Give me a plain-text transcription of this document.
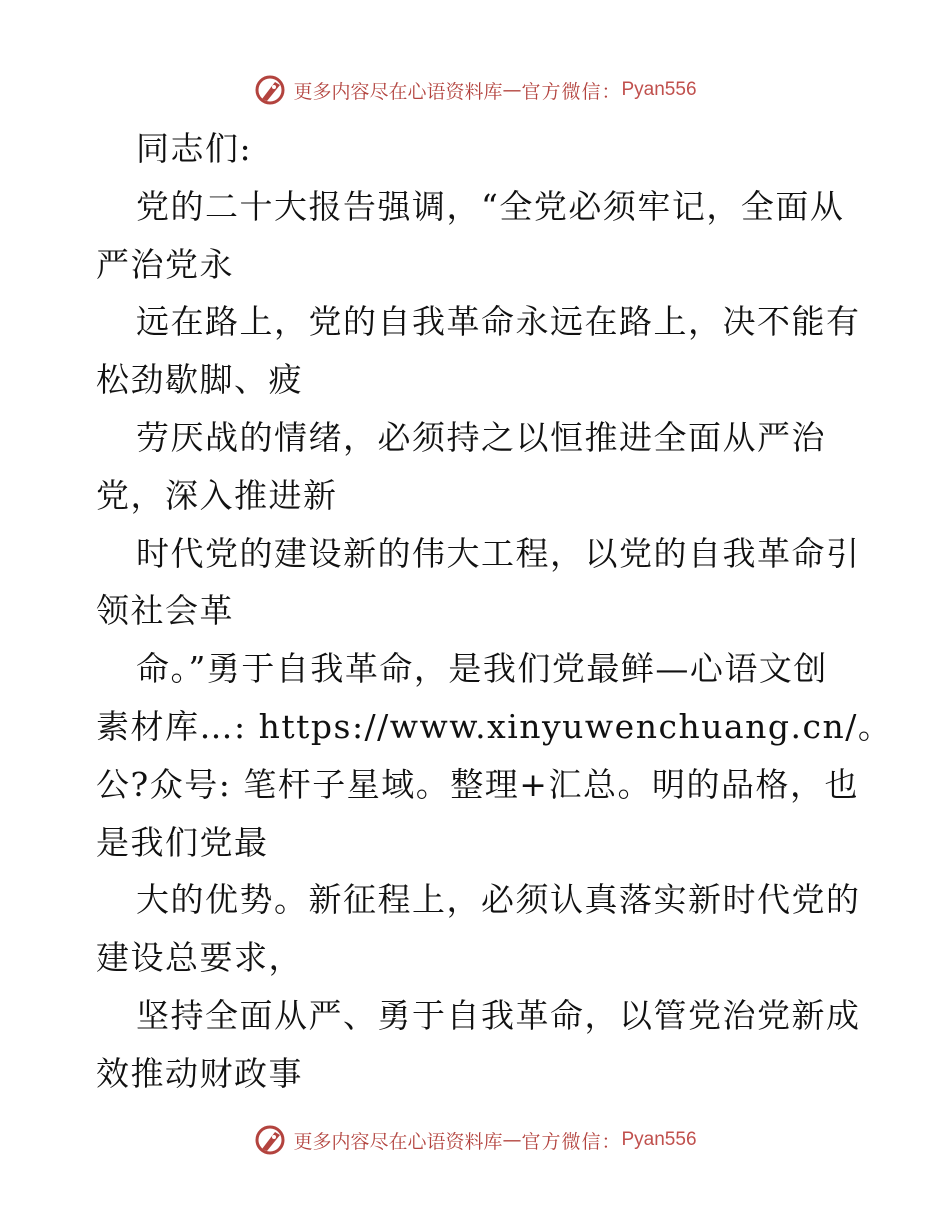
更多内容尽在心语资料库 — 官方微信： Pyan556
同志们:
党的二十大报告强调，“全党必须牢记，全面从
严治党永
远在路上，党的自我革命永远在路上，决不能有
松劲歇脚、疲
劳厌战的情绪，必须持之以恒推进全面从严治
党，深入推进新
时代党的建设新的伟大工程，以党的自我革命引
领社会革
命。”勇于自我革命，是我们党最鲜—心语文创
素材库…: https://www.xinyuwenchuang.cn/。
公?众号: 笔杆子星域。整理+汇总。明的品格，也
是我们党最
大的优势。新征程上，必须认真落实新时代党的
建设总要求，
坚持全面从严、勇于自我革命，以管党治党新成
效推动财政事
更多内容尽在心语资料库 — 官方微信： Pyan556
